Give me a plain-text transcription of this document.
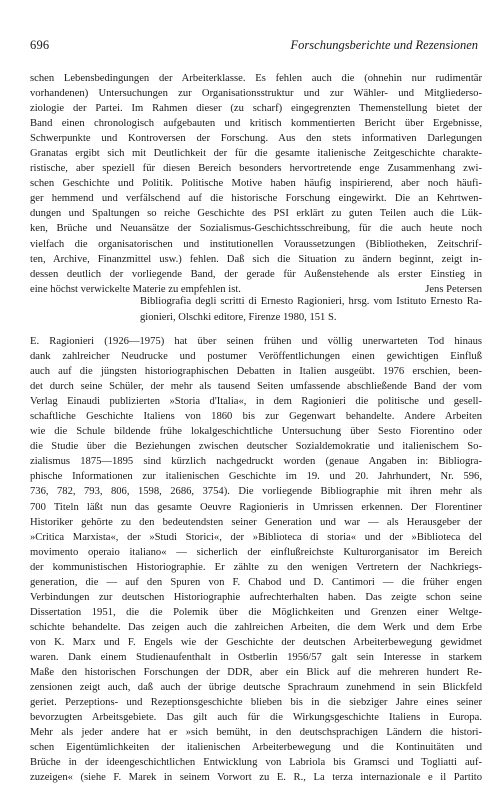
696	Forschungsberichte und Rezensionen
schen Lebensbedingungen der Arbeiterklasse. Es fehlen auch die (ohnehin nur rudimentär
vorhandenen) Untersuchungen zur Organisationsstruktur und zur Wähler- und Mitgliederso-
ziologie der Partei. Im Rahmen dieser (zu scharf) eingegrenzten Themenstellung bietet der
Band einen chronologisch aufgebauten und kritisch kommentierten Bericht über Ergebnisse,
Schwerpunkte und Kontroversen der Forschung. Aus den stets informativen Darlegungen
Granatas ergibt sich mit Deutlichkeit der für die gesamte italienische Zeitgeschichte charakte-
ristische, aber speziell für diesen Bereich besonders hervortretende enge Zusammenhang zwi-
schen Geschichte und Politik. Politische Motive haben häufig inspirierend, aber noch häufi-
ger hemmend und verfälschend auf die historische Forschung eingewirkt. Die an Kehrtwen-
dungen und Spaltungen so reiche Geschichte des PSI erklärt zu guten Teilen auch die Lük-
ken, Brüche und Neuansätze der Sozialismus-Geschichtsschreibung, für die auch heute noch
vielfach die organisatorischen und institutionellen Voraussetzungen (Bibliotheken, Zeitschrif-
ten, Archive, Finanzmittel usw.) fehlen. Daß sich die Situation zu ändern beginnt, zeigt in-
dessen deutlich der vorliegende Band, der gerade für Außenstehende als erster Einstieg in
eine höchst verwickelte Materie zu empfehlen ist.	Jens Petersen
Bibliografia degli scritti di Ernesto Ragionieri, hrsg. vom Istituto Ernesto Ra-
gionieri, Olschki editore, Firenze 1980, 151 S.
E. Ragionieri (1926—1975) hat über seinen frühen und völlig unerwarteten Tod hinaus
dank zahlreicher Neudrucke und postumer Veröffentlichungen einen gewichtigen Einfluß
auch auf die jüngsten historiographischen Debatten in Italien ausgeübt. 1976 erschien, been-
det durch seine Schüler, der mehr als tausend Seiten umfassende abschließende Band der vom
Verlag Einaudi publizierten »Storia d'Italia«, in dem Ragionieri die politische und gesell-
schaftliche Geschichte Italiens von 1860 bis zur Gegenwart behandelte. Andere Arbeiten
wie die Schule bildende frühe lokalgeschichtliche Untersuchung über Sesto Fiorentino oder
die Studie über die Beziehungen zwischen deutscher Sozialdemokratie und italienischem So-
zialismus 1875—1895 sind kürzlich nachgedruckt worden (genaue Angaben in: Bibliogra-
phische Informationen zur italienischen Geschichte im 19. und 20. Jahrhundert, Nr. 596,
736, 782, 793, 806, 1598, 2686, 3754). Die vorliegende Bibliographie mit ihren mehr als
700 Titeln läßt nun das gesamte Oeuvre Ragionieris in Umrissen erkennen. Der Florentiner
Historiker gehörte zu den bedeutendsten seiner Generation und war — als Herausgeber der
»Critica Marxista«, der »Studi Storici«, der »Biblioteca di storia« und der »Biblioteca del
movimento operaio italiano« — sicherlich der einflußreichste Kulturorganisator im Bereich
der kommunistischen Historiographie. Er zählte zu den wenigen Vertretern der Nachkriegs-
generation, die — auf den Spuren von F. Chabod und D. Cantimori — die früher engen
Verbindungen zur deutschen Historiographie aufrechterhalten haben. Das zeigte schon seine
Dissertation 1951, die die Polemik über die Möglichkeiten und Grenzen einer Weltge-
schichte behandelte. Das zeigen auch die zahlreichen Arbeiten, die dem Werk und dem Erbe
von K. Marx und F. Engels wie der Geschichte der deutschen Arbeiterbewegung gewidmet
waren. Dank einem Studienaufenthalt in Ostberlin 1956/57 galt sein Interesse in starkem
Maße den historischen Forschungen der DDR, aber ein Blick auf die mehreren hundert Re-
zensionen zeigt auch, daß auch der übrige deutsche Sprachraum zunehmend in sein Blickfeld
geriet. Perzeptions- und Rezeptionsgeschichte blieben bis in die siebziger Jahre eines seiner
bevorzugten Arbeitsgebiete. Das gilt auch für die Wirkungsgeschichte Italiens in Europa.
Mehr als jeder andere hat er »sich bemüht, in den deutschsprachigen Ländern die histori-
schen Eigentümlichkeiten der italienischen Arbeiterbewegung und die Kontinuitäten und
Brüche in der ideengeschichtlichen Entwicklung von Labriola bis Gramsci und Togliatti auf-
zuzeigen« (siehe F. Marek in seinem Vorwort zu E. R., La terza internazionale e il Partito
